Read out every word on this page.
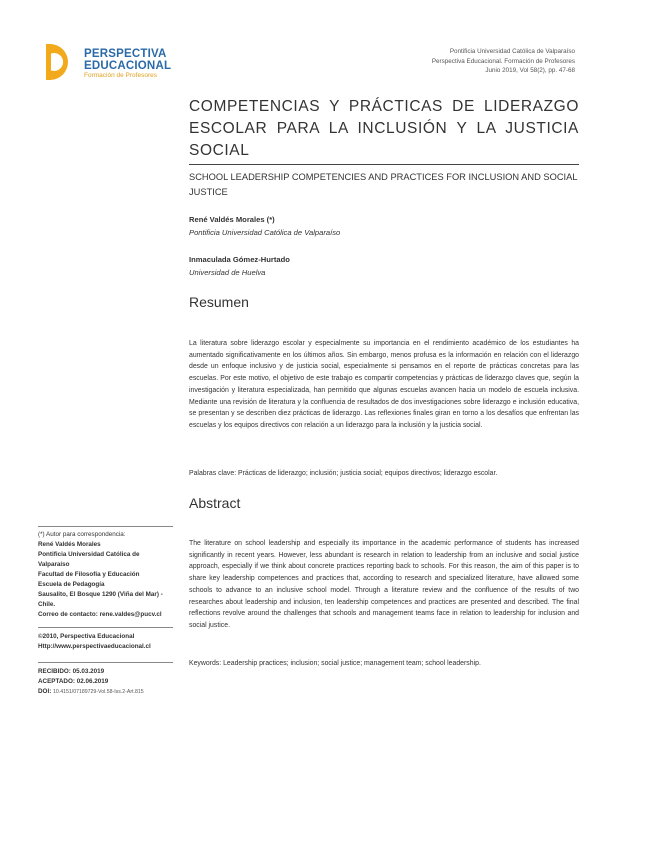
PERSPECTIVA
EDUCACIONAL
Formación de Profesores
Pontificia Universidad Católica de Valparaíso
Perspectiva Educacional. Formación de Profesores
Junio 2019, Vol 58(2), pp. 47-68
COMPETENCIAS Y PRÁCTICAS DE LIDERAZGO ESCOLAR PARA LA INCLUSIÓN Y LA JUSTICIA SOCIAL
SCHOOL LEADERSHIP COMPETENCIES AND PRACTICES FOR INCLUSION AND SOCIAL JUSTICE
René Valdés Morales (*)
Pontificia Universidad Católica de Valparaíso
Inmaculada Gómez-Hurtado
Universidad de Huelva
Resumen
La literatura sobre liderazgo escolar y especialmente su importancia en el rendimiento académico de los estudiantes ha aumentado significativamente en los últimos años. Sin embargo, menos profusa es la información en relación con el liderazgo desde un enfoque inclusivo y de justicia social, especialmente si pensamos en el reporte de prácticas concretas para las escuelas. Por este motivo, el objetivo de este trabajo es compartir competencias y prácticas de liderazgo claves que, según la investigación y literatura especializada, han permitido que algunas escuelas avancen hacia un modelo de escuela inclusiva. Mediante una revisión de literatura y la confluencia de resultados de dos investigaciones sobre liderazgo e inclusión educativa, se presentan y se describen diez prácticas de liderazgo. Las reflexiones finales giran en torno a los desafíos que enfrentan las escuelas y los equipos directivos con relación a un liderazgo para la inclusión y la justicia social.
Palabras clave: Prácticas de liderazgo; inclusión; justicia social; equipos directivos; liderazgo escolar.
Abstract
The literature on school leadership and especially its importance in the academic performance of students has increased significantly in recent years. However, less abundant is research in relation to leadership from an inclusive and social justice approach, especially if we think about concrete practices reporting back to schools. For this reason, the aim of this paper is to share key leadership competences and practices that, according to research and specialized literature, have allowed some schools to advance to an inclusive school model. Through a literature review and the confluence of the results of two researches about leadership and inclusion, ten leadership competences and practices are presented and described. The final reflections revolve around the challenges that schools and management teams face in relation to leadership for inclusion and social justice.
Keywords: Leadership practices; inclusion; social justice; management team; school leadership.
(*) Autor para correspondencia:
René Valdés Morales
Pontificia Universidad Católica de
Valparaíso
Facultad de Filosofía y Educación
Escuela de Pedagogía
Sausalito, El Bosque 1290 (Viña del Mar) -
Chile.
Correo de contacto: rene.valdes@pucv.cl
©2010, Perspectiva Educacional
Http://www.perspectivaeducacional.cl
RECIBIDO: 05.03.2019
ACEPTADO: 02.06.2019
DOI: 10.4151/07189729-Vol.58-Iss.2-Art.815
